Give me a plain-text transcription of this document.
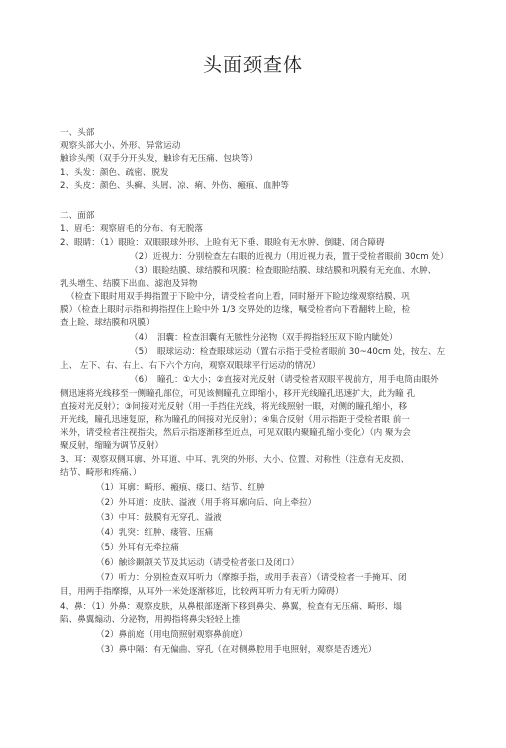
头面颈查体
一、头部
观察头部大小、外形、异常运动
触诊头颅（双手分开头发，触诊有无压痛、包块等）
1、头发：颜色、疏密、脱发
2、头皮：颜色、头癣、头屑、凉、痢、外伤、瘢痕、血肿等
二、面部
1、眉毛：观察眉毛的分布、有无脱落
2、眼睛：（1）眼睑：双眼眼球外形、上睑有无下垂、眼睑有无水肿、倒睫、闭合障碍
（2）近视力：分别检查左右眼的近视力（用近视力表，置于受检者眼前 30cm 处）
（3）眼睑结膜、球结膜和巩膜：检查眼睑结膜、球结膜和巩膜有无充血、水肿、
乳头增生、结膜下出血、滤泡及异物
（检查下眼时用双手拇指置于下睑中分，请受检者向上看，同时掰开下睑边缘观察结膜、巩
膜）（检查上眼时示指和拇指捏住上睑中外 1/3 交界处的边缘，嘱受检者向下看翻转上睑，检
查上睑、球结膜和巩膜）
（4）　泪囊：检查泪囊有无脓性分泌物（双手拇指轻压双下睑内眦处）
（5）　眼球运动：检查眼球运动（置右示指于受检者眼前 30~40cm 处，按左、左
上、 左下、右、右上、右下六个方向，观察双眼球平行运动的情况）
（6）　瞳孔：①大小；②直接对光反射（请受检者双眼平视前方，用手电筒由眼外
侧迅速将光线移至一侧瞳孔部位，可见该侧瞳孔立即缩小，移开光线瞳孔迅速扩大，此为瞳 孔
直接对光反射）；③间接对光反射（用一手挡住光线，将光线照射一眼，对侧的瞳孔缩小，移
开光线，瞳孔迅速复原，称为瞳孔的间接对光反射）；④集合反射（用示指距于受检者眼 前一
米外，请受检者注视指尖，然后示指逐渐移至近点，可见双眼内聚瞳孔缩小变化）（内 聚为会
聚反射，缩瞳为调节反射）
3、耳：观察双侧耳廓、外耳道、中耳、乳突的外形、大小、位置、对称性（注意有无皮损、
结节、畸形和疼痛、）
（1）耳廓：畸形、瘢痕、瘘口、结节、红肿
（2）外耳道：皮肤、溢液（用手将耳廓向后、向上牵拉）
（3）中耳：鼓膜有无穿孔、溢液
（4）乳突：红肿、瘘管、压痛
（5）外耳有无牵拉痛
（6）触诊颞颌关节及其运动（请受检者张口及闭口）
（7）听力：分别检查双耳听力（摩擦手指，或用手表音）（请受检者一手掩耳、闭
目，用两手指摩擦，从耳外一米处逐渐移近，比较两耳听力有无听力障碍）
4、鼻：（1）外鼻：观察皮肤，从鼻根部逐渐下移到鼻尖、鼻翼，检查有无压痛、畸形、塌
陷、鼻翼煽动、分泌物，用拇指将鼻尖轻轻上推
（2）鼻前庭（用电筒照射观察鼻前庭）
（3）鼻中隔：有无偏曲、穿孔（在对侧鼻腔用手电照射，观察是否透光）
